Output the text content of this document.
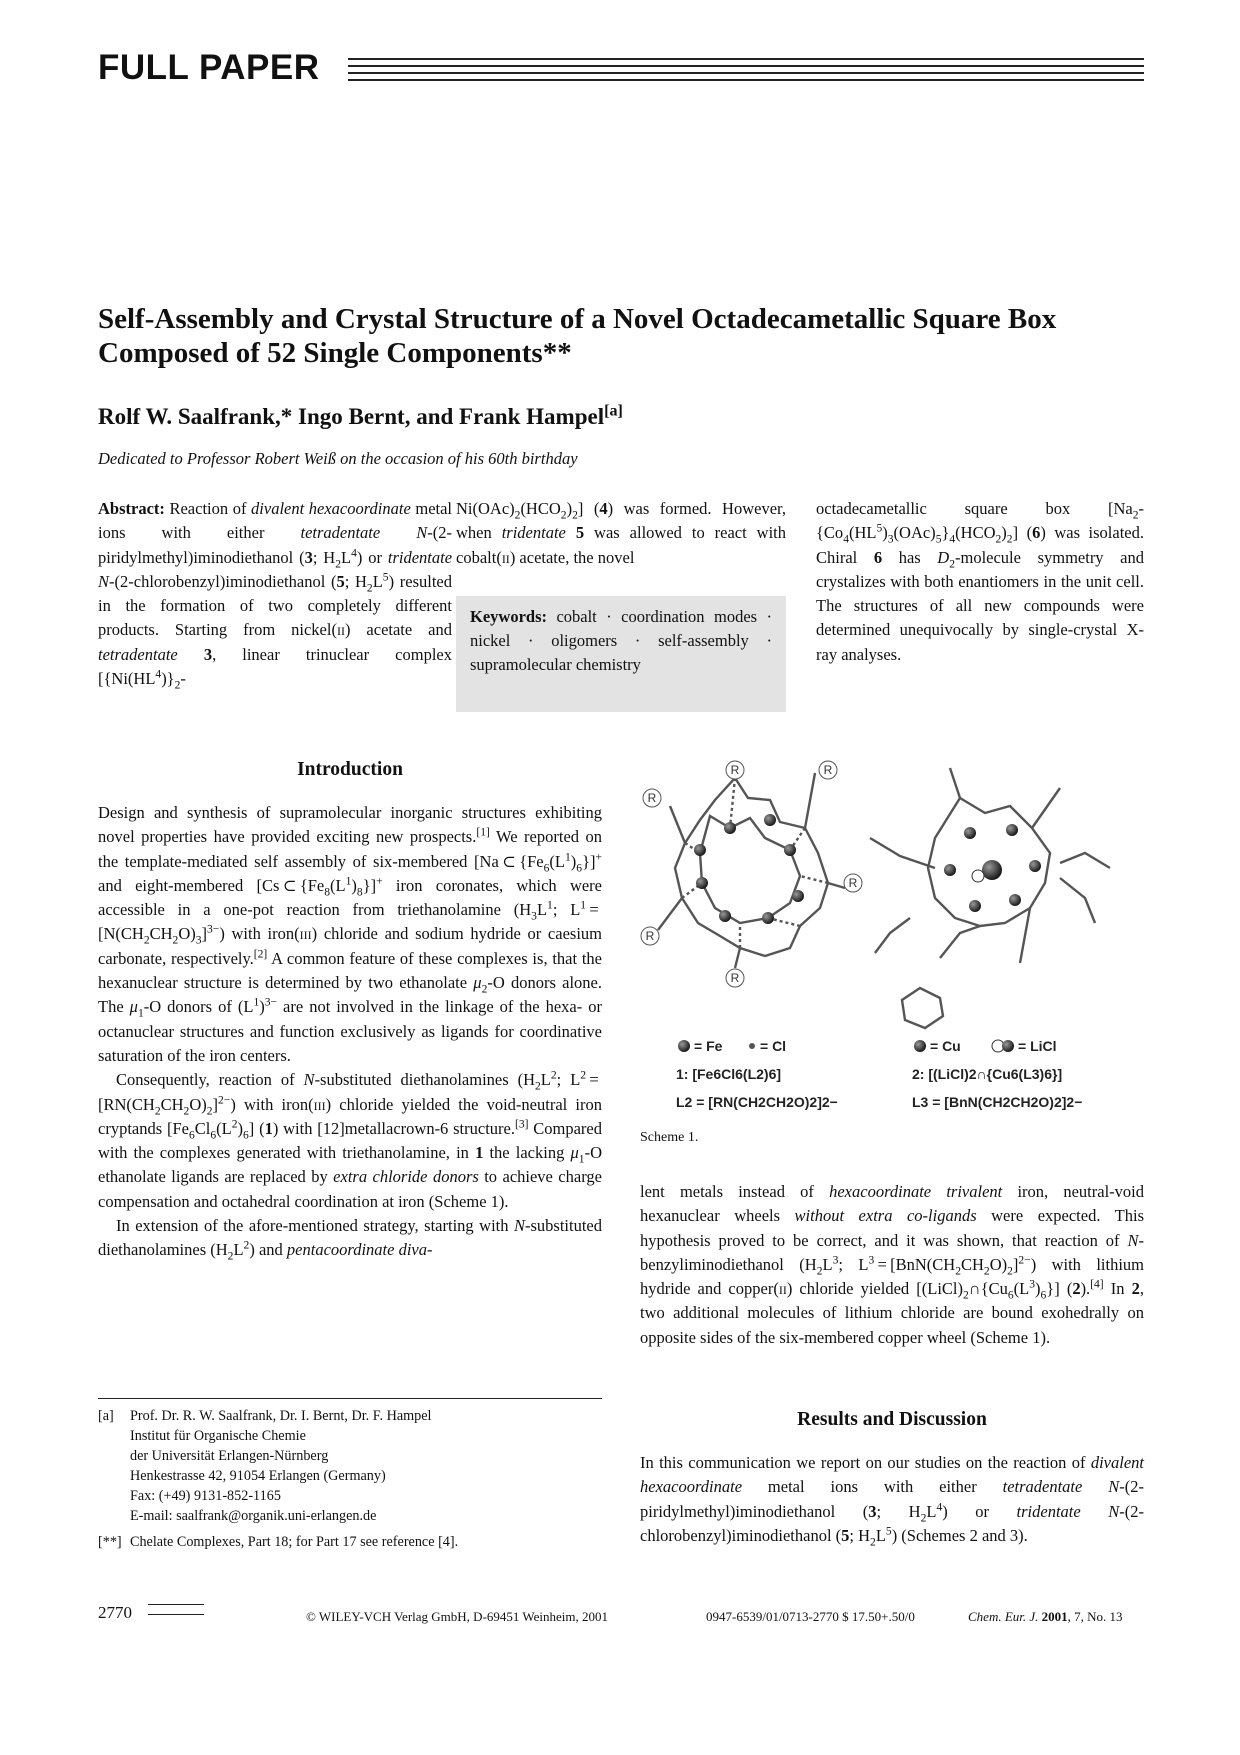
FULL PAPER
Self-Assembly and Crystal Structure of a Novel Octadecametallic Square Box Composed of 52 Single Components**
Rolf W. Saalfrank,* Ingo Bernt, and Frank Hampel[a]
Dedicated to Professor Robert Weiß on the occasion of his 60th birthday

Abstract: Reaction of divalent hexacoordinate metal ions with either tetradentate N-(2-piridylmethyl)iminodiethanol (3; $H_2L^4$) or tridentate N-(2-chlorobenzyl)iminodiethanol (5; $H_2L^5$) resulted in the formation of two completely different products. Starting from nickel(ii) acetate and tetradentate 3, linear trinuclear complex [$\{Ni(HL^4)\}_2-$

$Ni(OAc)_2(HCO_2)_2$] (4) was formed. However, when tridentate 5 was allowed to react with cobalt(ii) acetate, the novel

Keywords: cobalt · coordination modes · nickel · oligomers · self-assembly · supramolecular chemistry

octadecametallic square box $[Na_2-\{Co_4(HL^5)_3(OAc)_5\}_4(HCO_2)_2]$ (6) was isolated. Chiral 6 has $D_2$-molecule symmetry and crystalizes with both enantiomers in the unit cell. The structures of all new compounds were determined unequivocally by single-crystal X-ray analyses.

Introduction

Design and synthesis of supramolecular inorganic structures exhibiting novel properties have provided exciting new prospects.[1] We reported on the template-mediated self assembly of six-membered [Na ⊂ $\{Fe_6(L^1)_6\}]^+$ and eight-membered [Cs ⊂ $\{Fe_8(L^1)_8\}]^+$ iron coronates, which were accessible in a one-pot reaction from triethanolamine ($H_3L^1$; $L^1 = [N(CH_2CH_2O)_3]^{3-}$) with iron(iii) chloride and sodium hydride or caesium carbonate, respectively.[2] A common feature of these complexes is, that the hexanuclear structure is determined by two ethanolate $\mu_2-O$ donors alone. The $\mu_1-O$ donors of $(L^1)^{3-}$ are not involved in the linkage of the hexa- or octanuclear structures and function exclusively as ligands for coordinative saturation of the iron centers.

Consequently, reaction of N-substituted diethanolamines ($H_2L^2$; $L^2 = [RN(CH_2CH_2O)_2]^{2-}$) with iron(iii) chloride yielded the void-neutral iron cryptands $[Fe_6Cl_6(L^2)_6]$ (1) with [12]metallacrown-6 structure.[3] Compared with the complexes generated with triethanolamine, in 1 the lacking $\mu_1-O$ ethanolate ligands are replaced by extra chloride donors to achieve charge compensation and octahedral coordination at iron (Scheme 1).

In extension of the afore-mentioned strategy, starting with N-substituted diethanolamines $(H_2L^2)$ and pentacoordinate diva-

R	R
R
R
R
R
= Fe	= Cl
1: [Fe6Cl6(L2)6]
L2 = [RN(CH2CH2O)2]2−
= Cu	= LiCl
2: [(LiCl)2∩{Cu6(L3)6}]
L3 = [BnN(CH2CH2O)2]2−
Scheme 1.

lent metals instead of hexacoordinate trivalent iron, neutral-void hexanuclear wheels without extra co-ligands were expected. This hypothesis proved to be correct, and it was shown, that reaction of N-benzyliminodiethanol ($H_2L^3$; $L^3 = [BnN(CH_2CH_2O)_2]^{2-}$) with lithium hydride and copper(ii) chloride yielded $[(LiCl)_2\cap\{Cu_6(L^3)_6\}]$ (2).[4] In 2, two additional molecules of lithium chloride are bound exohedrally on opposite sides of the six-membered copper wheel (Scheme 1).

Results and Discussion

In this communication we report on our studies on the reaction of divalent hexacoordinate metal ions with either tetradentate N-(2-piridylmethyl)iminodiethanol (3; $H_2L^4$) or tridentate N-(2-chlorobenzyl)iminodiethanol (5; $H_2L^5$) (Schemes 2 and 3).

[a]	Prof. Dr. R. W. Saalfrank, Dr. I. Bernt, Dr. F. Hampel
Institut für Organische Chemie
der Universität Erlangen-Nürnberg
Henkestrasse 42, 91054 Erlangen (Germany)
Fax: (+49) 9131-852-1165
E-mail: saalfrank@organik.uni-erlangen.de
[**] Chelate Complexes, Part 18; for Part 17 see reference [4].
2770	© WILEY-VCH Verlag GmbH, D-69451 Weinheim, 2001	0947-6539/01/0713-2770 $ 17.50+.50/0	Chem. Eur. J. 2001, 7, No. 13
